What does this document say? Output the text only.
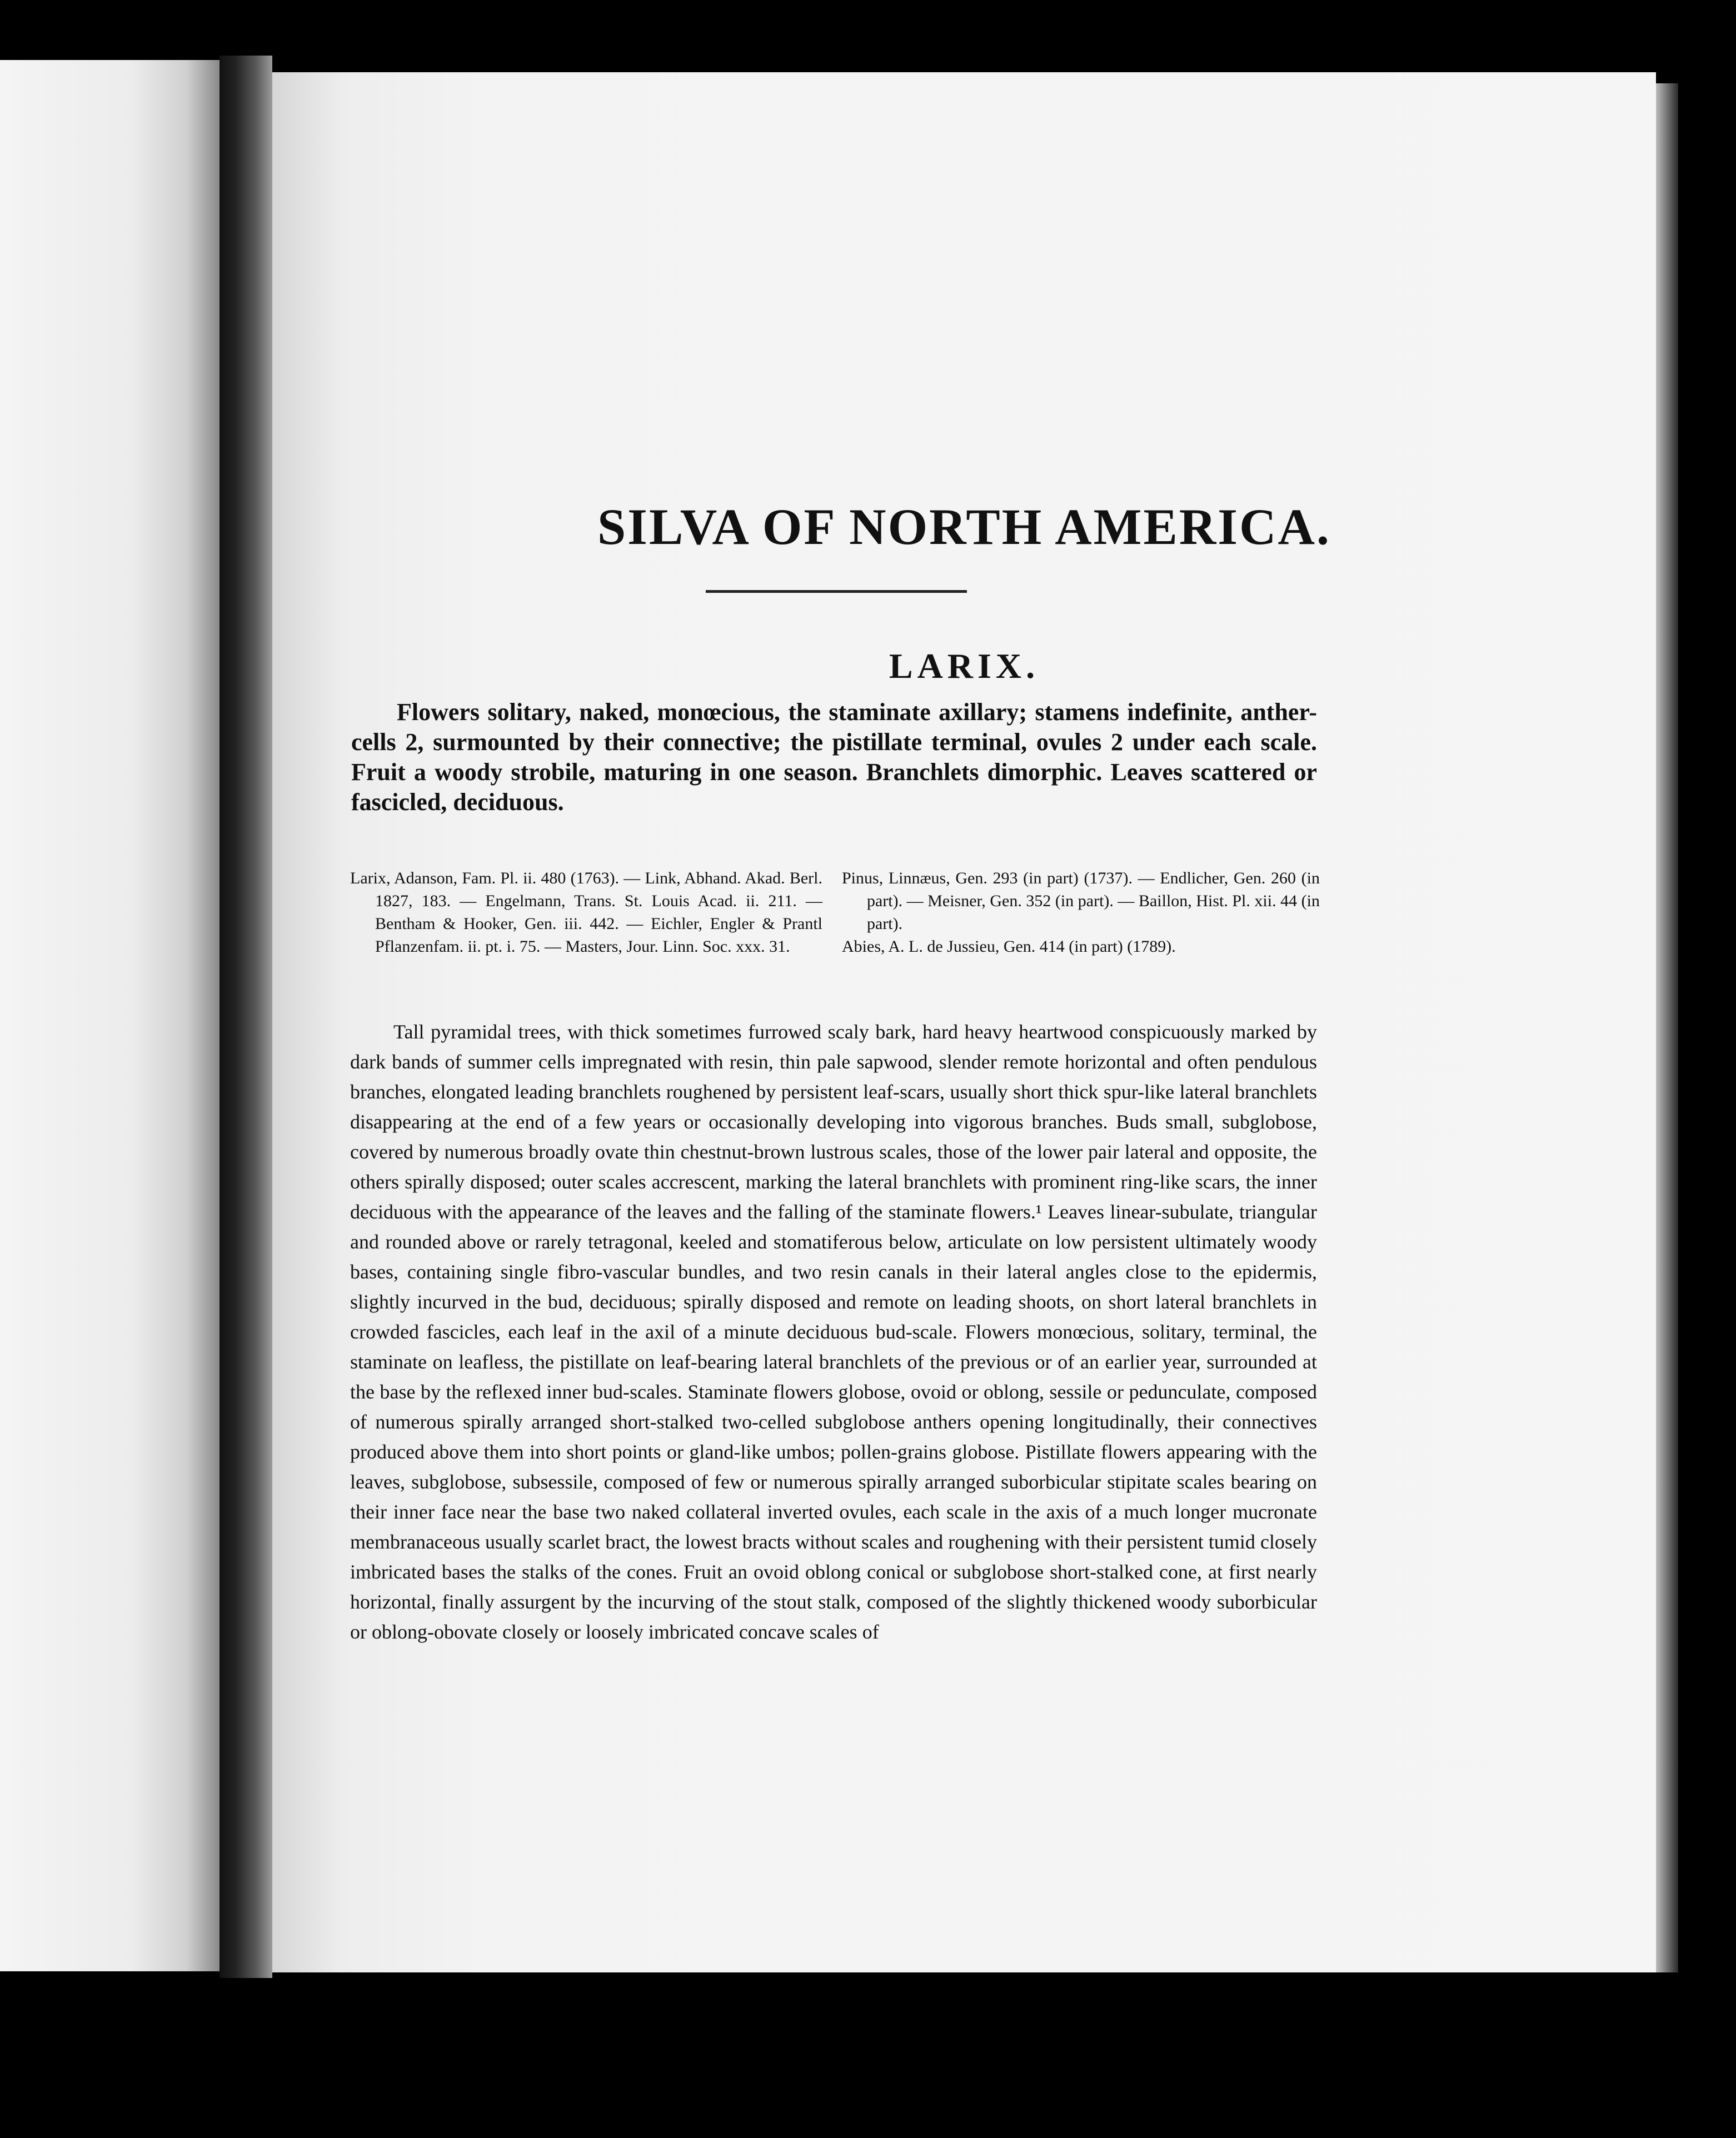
SILVA OF NORTH AMERICA.
LARIX.

Flowers solitary, naked, monœcious, the staminate axillary; stamens indefinite, anther-cells 2, surmounted by their connective; the pistillate terminal, ovules 2 under each scale. Fruit a woody strobile, maturing in one season. Branchlets dimorphic. Leaves scattered or fascicled, deciduous.

Larix, Adanson, Fam. Pl. ii. 480 (1763). — Link, Abhand. Akad. Berl. 1827, 183. — Engelmann, Trans. St. Louis Acad. ii. 211. — Bentham & Hooker, Gen. iii. 442. — Eichler, Engler & Prantl Pflanzenfam. ii. pt. i. 75. — Masters, Jour. Linn. Soc. xxx. 31.

Pinus, Linnæus, Gen. 293 (in part) (1737). — Endlicher, Gen. 260 (in part). — Meisner, Gen. 352 (in part). — Baillon, Hist. Pl. xii. 44 (in part).

Abies, A. L. de Jussieu, Gen. 414 (in part) (1789).

Tall pyramidal trees, with thick sometimes furrowed scaly bark, hard heavy heartwood conspicuously marked by dark bands of summer cells impregnated with resin, thin pale sapwood, slender remote horizontal and often pendulous branches, elongated leading branchlets roughened by persistent leaf-scars, usually short thick spur-like lateral branchlets disappearing at the end of a few years or occasionally developing into vigorous branches. Buds small, subglobose, covered by numerous broadly ovate thin chestnut-brown lustrous scales, those of the lower pair lateral and opposite, the others spirally disposed; outer scales accrescent, marking the lateral branchlets with prominent ring-like scars, the inner deciduous with the appearance of the leaves and the falling of the staminate flowers.¹ Leaves linear-subulate, triangular and rounded above or rarely tetragonal, keeled and stomatiferous below, articulate on low persistent ultimately woody bases, containing single fibro-vascular bundles, and two resin canals in their lateral angles close to the epidermis, slightly incurved in the bud, deciduous; spirally disposed and remote on leading shoots, on short lateral branchlets in crowded fascicles, each leaf in the axil of a minute deciduous bud-scale. Flowers monœcious, solitary, terminal, the staminate on leafless, the pistillate on leaf-bearing lateral branchlets of the previous or of an earlier year, surrounded at the base by the reflexed inner bud-scales. Staminate flowers globose, ovoid or oblong, sessile or pedunculate, composed of numerous spirally arranged short-stalked two-celled subglobose anthers opening longitudinally, their connectives produced above them into short points or gland-like umbos; pollen-grains globose. Pistillate flowers appearing with the leaves, subglobose, subsessile, composed of few or numerous spirally arranged suborbicular stipitate scales bearing on their inner face near the base two naked collateral inverted ovules, each scale in the axis of a much longer mucronate membranaceous usually scarlet bract, the lowest bracts without scales and roughening with their persistent tumid closely imbricated bases the stalks of the cones. Fruit an ovoid oblong conical or subglobose short-stalked cone, at first nearly horizontal, finally assurgent by the incurving of the stout stalk, composed of the slightly thickened woody suborbicular or oblong-obovate closely or loosely imbricated concave scales of
